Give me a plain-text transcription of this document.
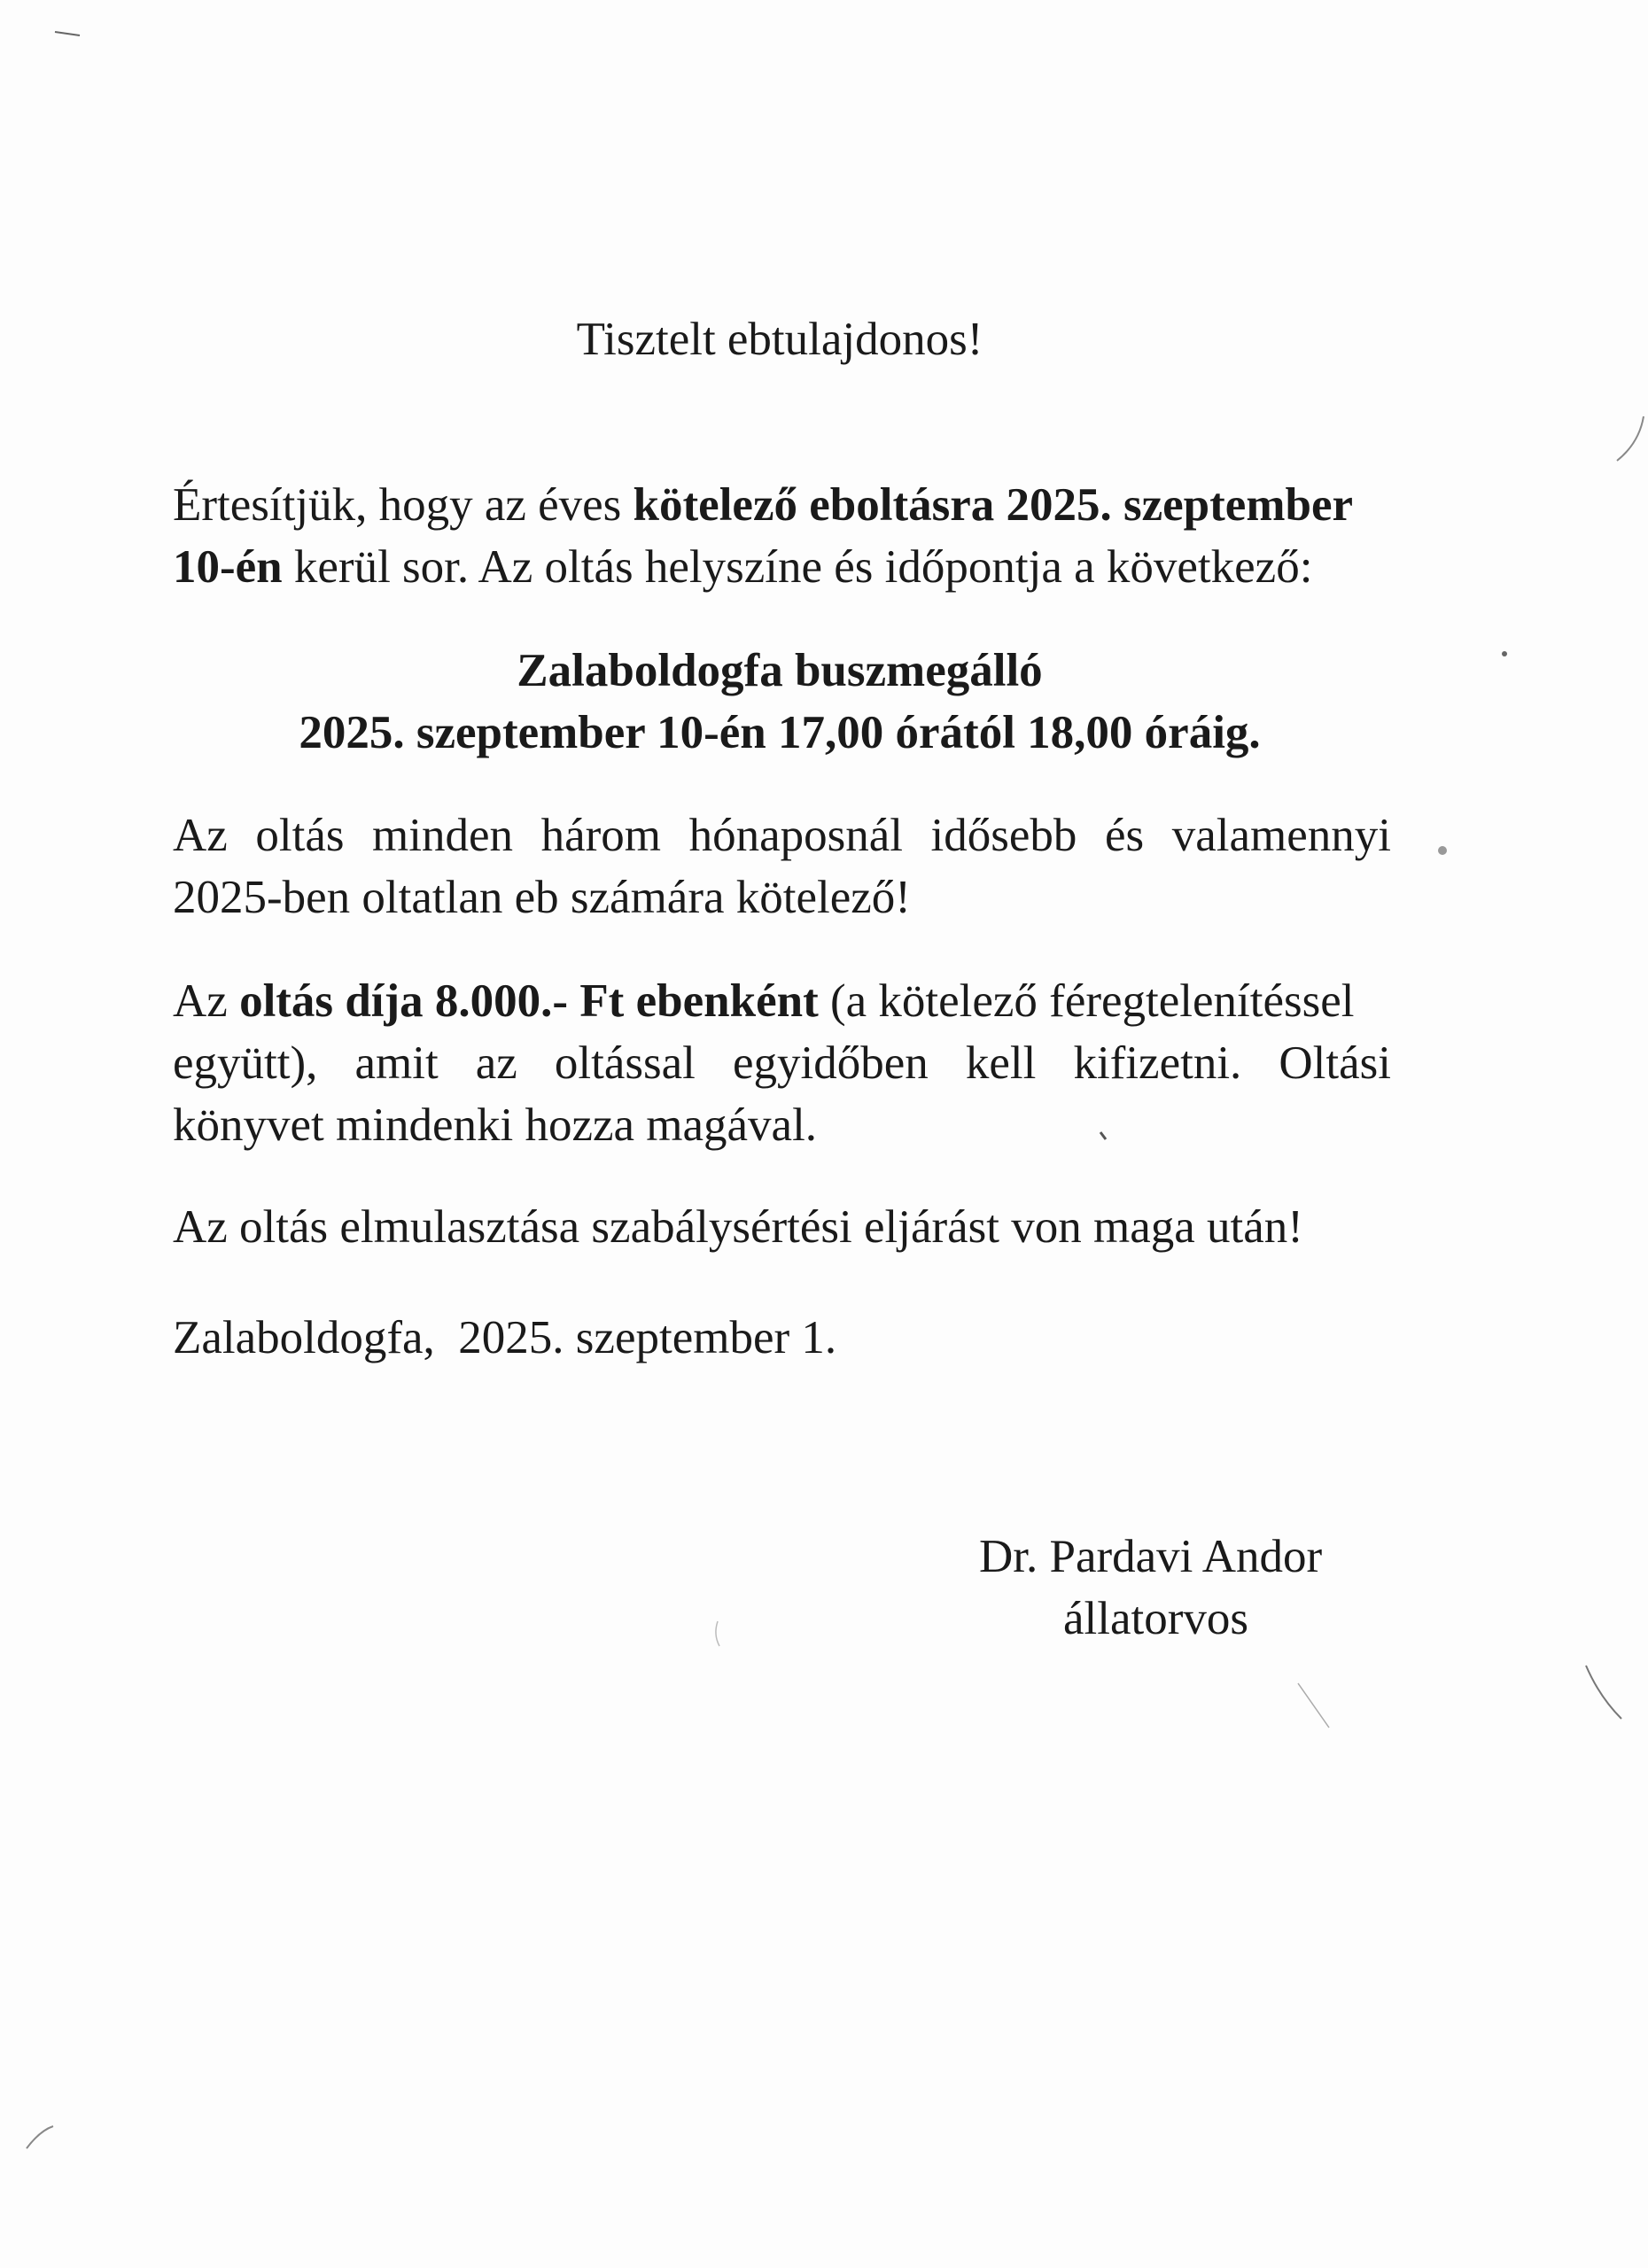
Tisztelt ebtulajdonos!
Értesítjük, hogy az éves kötelező eboltásra 2025. szeptember
10-én kerül sor. Az oltás helyszíne és időpontja a következő:
Zalaboldogfa buszmegálló
2025. szeptember 10-én 17,00 órától 18,00 óráig.
Az oltás minden három hónaposnál idősebb és valamennyi
2025-ben oltatlan eb számára kötelező!
Az oltás díja 8.000.- Ft ebenként (a kötelező féregtelenítéssel
együtt), amit az oltással egyidőben kell kifizetni. Oltási
könyvet mindenki hozza magával.
Az oltás elmulasztása szabálysértési eljárást von maga után!
Zalaboldogfa,  2025. szeptember 1.
Dr. Pardavi Andor
állatorvos
